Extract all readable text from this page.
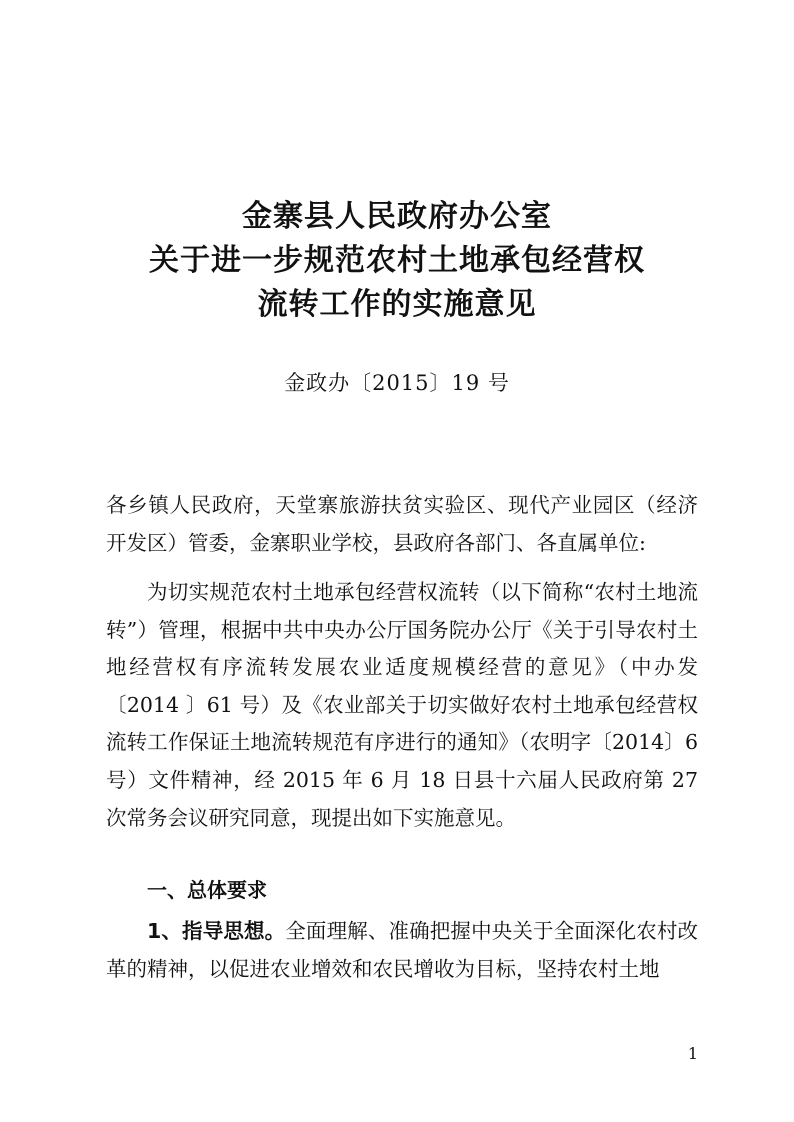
金寨县人民政府办公室
关于进一步规范农村土地承包经营权
流转工作的实施意见
金政办〔2015〕19 号
各乡镇人民政府，天堂寨旅游扶贫实验区、现代产业园区（经济开发区）管委，金寨职业学校，县政府各部门、各直属单位:
为切实规范农村土地承包经营权流转（以下简称“农村土地流转”）管理，根据中共中央办公厅国务院办公厅《关于引导农村土地经营权有序流转发展农业适度规模经营的意见》（中办发〔2014 〕61 号）及《农业部关于切实做好农村土地承包经营权流转工作保证土地流转规范有序进行的通知》（农明字〔2014〕6 号）文件精神，经 2015 年 6 月 18 日县十六届人民政府第 27 次常务会议研究同意，现提出如下实施意见。
一、总体要求
1、指导思想。全面理解、准确把握中央关于全面深化农村改革的精神，以促进农业增效和农民增收为目标，坚持农村土地
1
